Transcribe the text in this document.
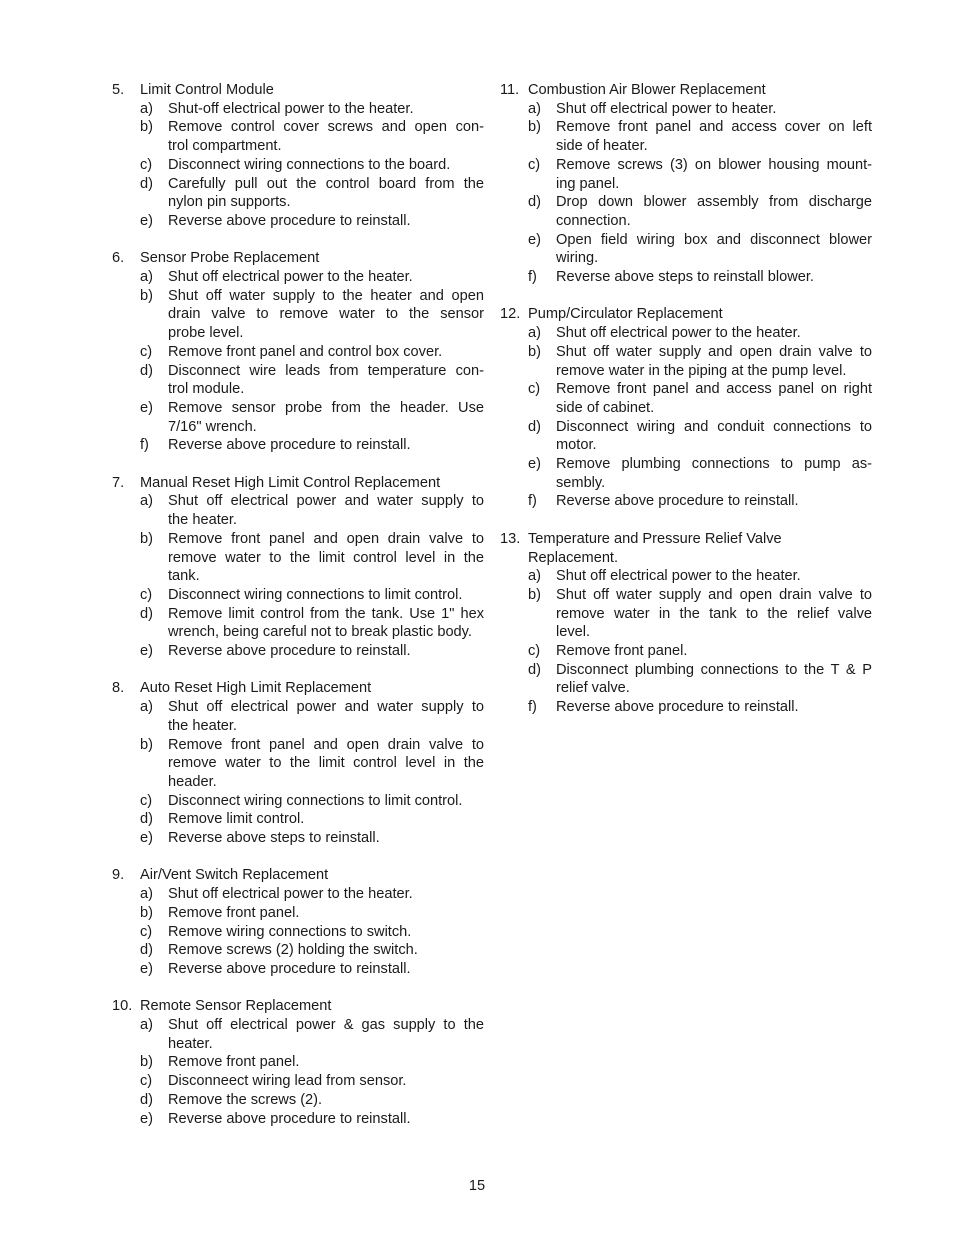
5.	Limit Control Module
a)	Shut-off electrical power to the heater.
b)	Remove control cover screws and open con-
trol compartment.
c)	Disconnect wiring connections to the board.
d)	Carefully pull out the control board from the
nylon pin supports.
e)	Reverse above procedure to reinstall.
6.	Sensor Probe Replacement
a)	Shut off electrical power to the heater.
b)	Shut off water supply to the heater and open
drain valve to remove water to the sensor
probe level.
c)	Remove front panel and control box cover.
d)	Disconnect wire leads from temperature con-
trol module.
e)	Remove sensor probe from the header. Use
7/16" wrench.
f)	Reverse above procedure to reinstall.
7.	Manual Reset High Limit Control Replacement
a)	Shut off electrical power and water supply to
the heater.
b)	Remove front panel and open drain valve to
remove water to the limit control level in the
tank.
c)	Disconnect wiring connections to limit control.
d)	Remove limit control from the tank. Use 1" hex
wrench, being careful not to break plastic body.
e)	Reverse above procedure to reinstall.
8.	Auto Reset High Limit Replacement
a)	Shut off electrical power and water supply to
the heater.
b)	Remove front panel and open drain valve to
remove water to the limit control level in the
header.
c)	Disconnect wiring connections to limit control.
d)	Remove limit control.
e)	Reverse above steps to reinstall.
9.	Air/Vent Switch Replacement
a)	Shut off electrical power to the heater.
b)	Remove front panel.
c)	Remove wiring connections to switch.
d)	Remove screws (2) holding the switch.
e)	Reverse above procedure to reinstall.
10. Remote Sensor Replacement
a)	Shut off electrical power & gas supply to the
heater.
b)	Remove front panel.
c)	Disconneect wiring lead from sensor.
d)	Remove the screws (2).
e)	Reverse above procedure to reinstall.
11. Combustion Air Blower Replacement
a)	Shut off electrical power to heater.
b)	Remove front panel and access cover on left
side of heater.
c)	Remove screws (3) on blower housing mount-
ing panel.
d)	Drop down blower assembly from discharge
connection.
e)	Open field wiring box and disconnect blower
wiring.
f)	Reverse above steps to reinstall blower.
12. Pump/Circulator Replacement
a)	Shut off electrical power to the heater.
b)	Shut off water supply and open drain valve to
remove water in the piping at the pump level.
c)	Remove front panel and access panel on right
side of cabinet.
d)	Disconnect wiring and conduit connections to
motor.
e)	Remove plumbing connections to pump as-
sembly.
f)	Reverse above procedure to reinstall.
13. Temperature and Pressure Relief Valve
Replacement.
a)	Shut off electrical power to the heater.
b)	Shut off water supply and open drain valve to
remove water in the tank to the relief valve
level.
c)	Remove front panel.
d)	Disconnect plumbing connections to the T & P
relief valve.
f)	Reverse above procedure to reinstall.
15
